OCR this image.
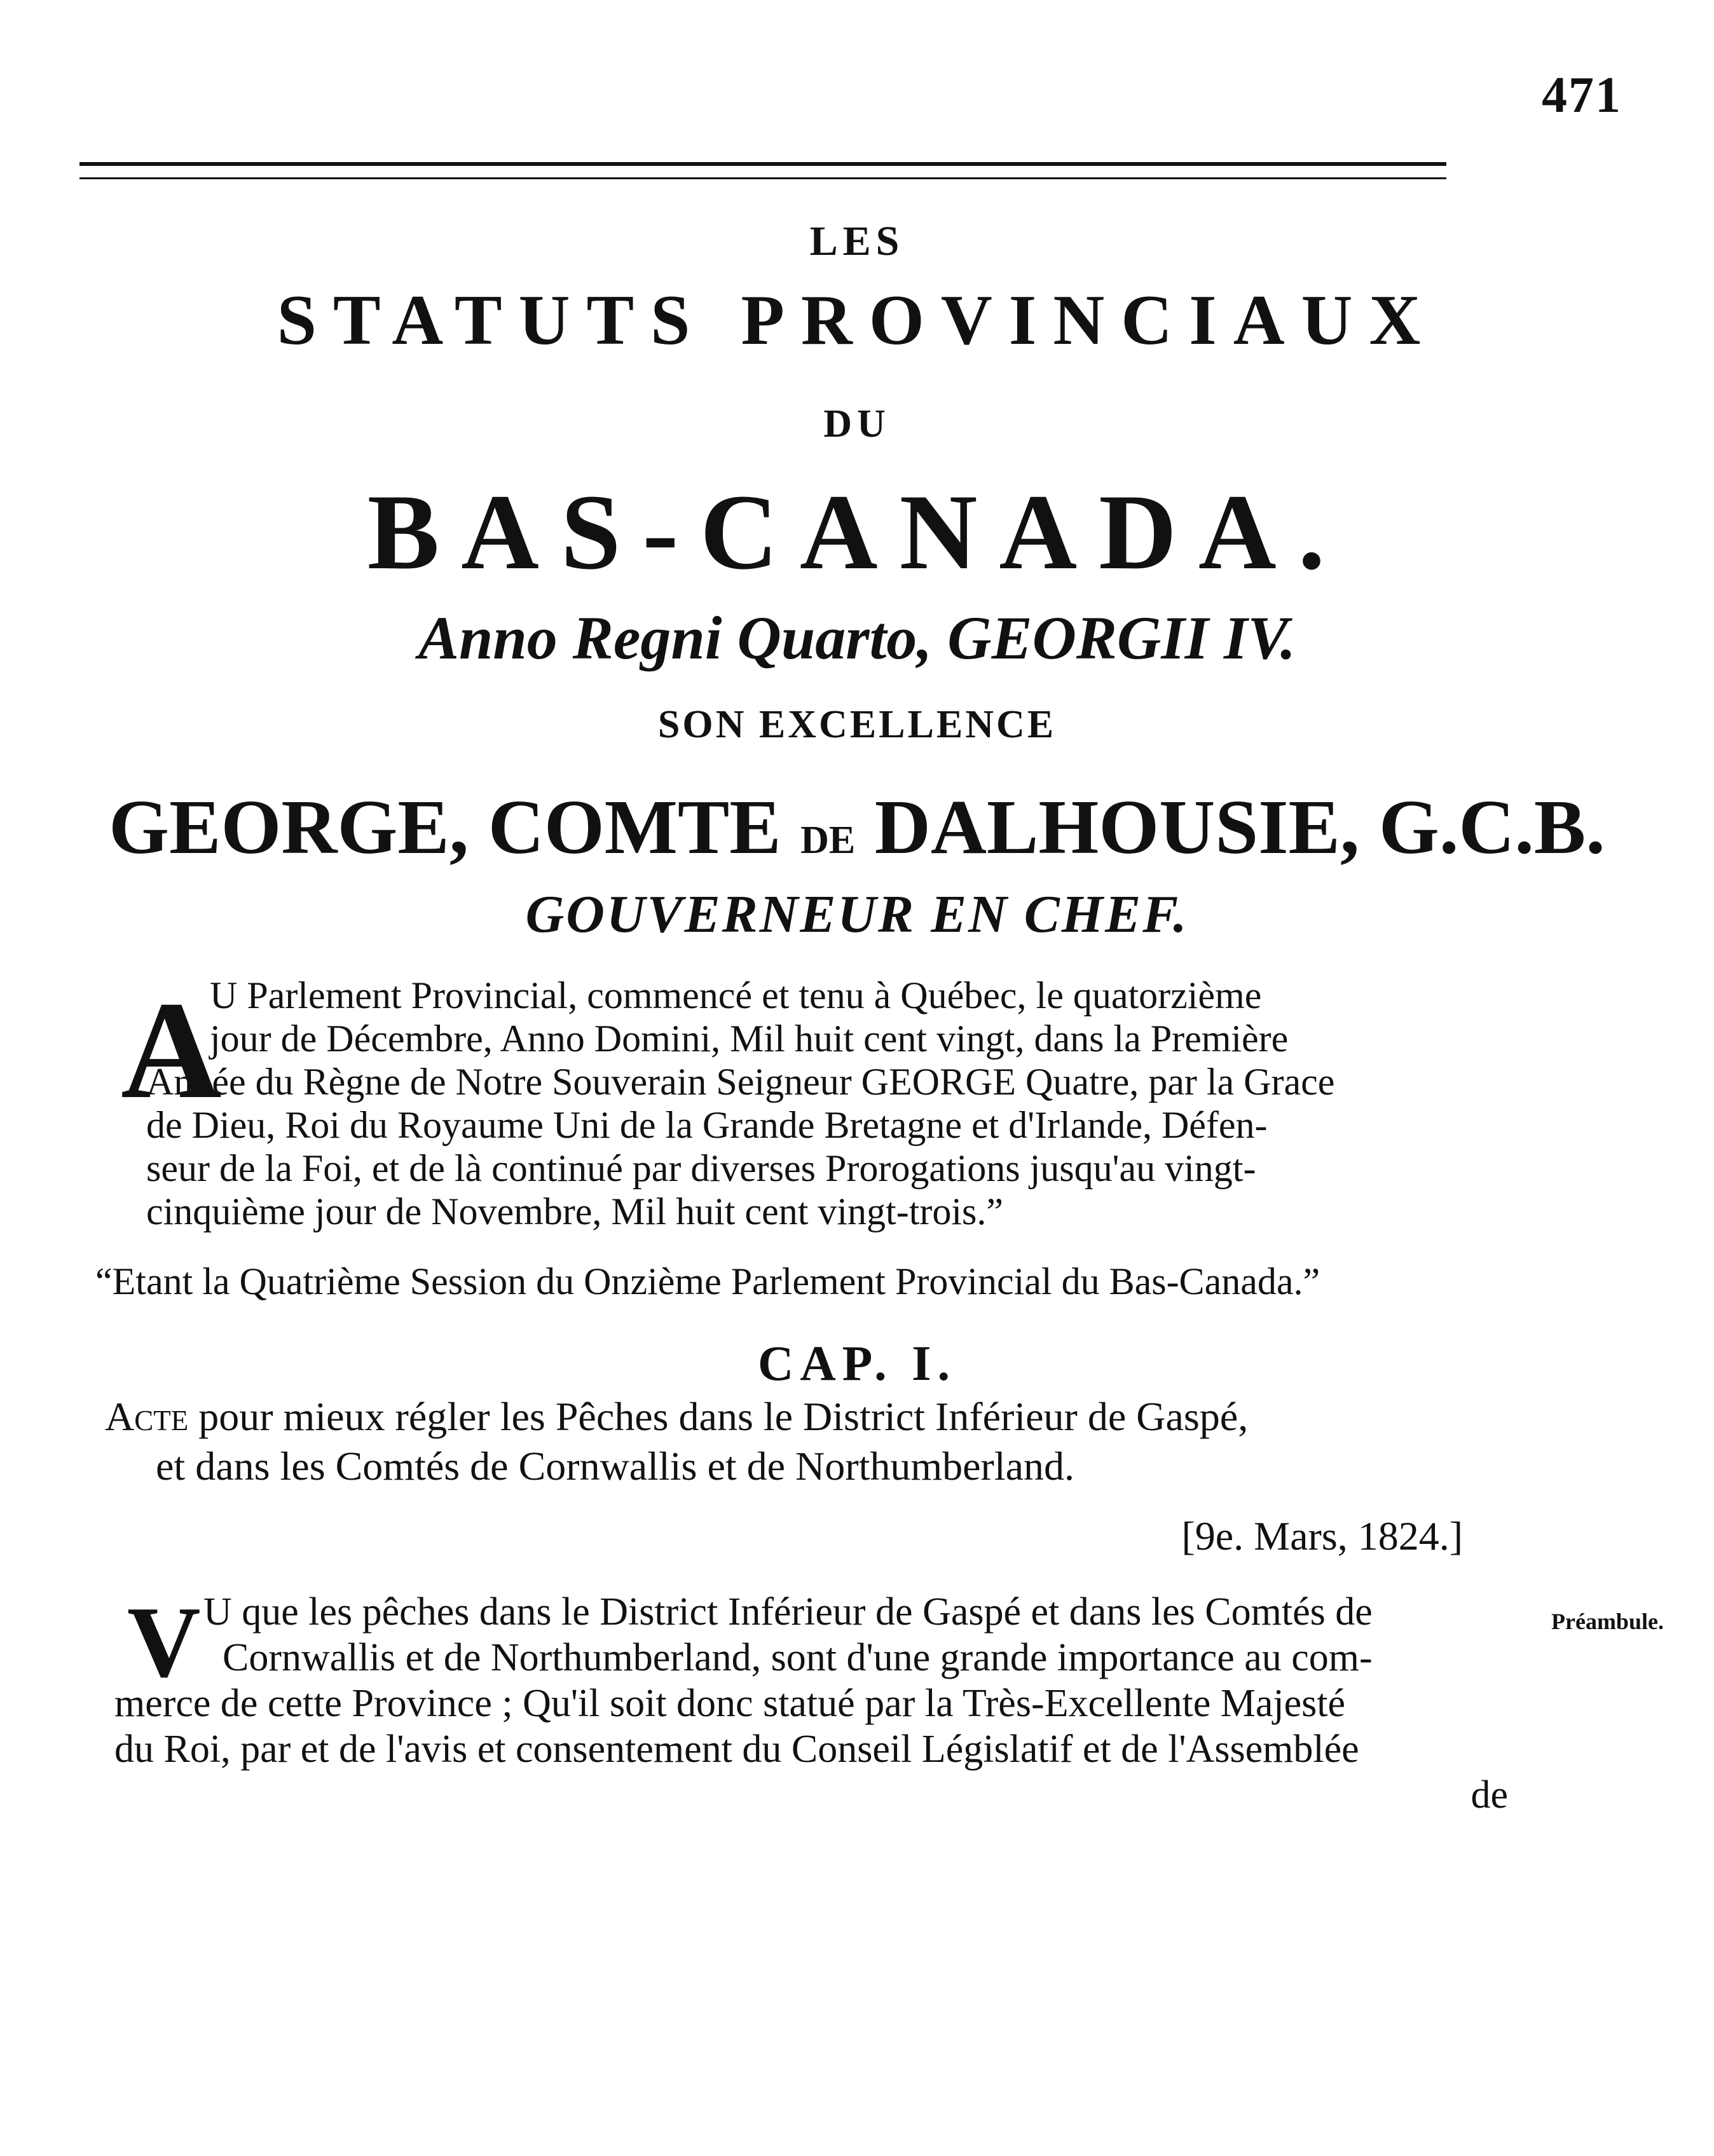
471
LES
STATUTS PROVINCIAUX
DU
BAS-CANADA.
Anno Regni Quarto, GEORGII IV.
SON EXCELLENCE
GEORGE, COMTE DE DALHOUSIE, G.C.B.
GOUVERNEUR EN CHEF.
A
U Parlement Provincial, commencé et tenu à Québec, le quatorzième
jour de Décembre, Anno Domini, Mil huit cent vingt, dans la Première
Année du Règne de Notre Souverain Seigneur GEORGE Quatre, par la Grace
de Dieu, Roi du Royaume Uni de la Grande Bretagne et d'Irlande, Défen-
seur de la Foi, et de là continué par diverses Prorogations jusqu'au vingt-
cinquième jour de Novembre, Mil huit cent vingt-trois.”
“Etant la Quatrième Session du Onzième Parlement Provincial du Bas-Canada.”
CAP. I.
Acte pour mieux régler les Pêches dans le District Inférieur de Gaspé,
et dans les Comtés de Cornwallis et de Northumberland.
[9e. Mars, 1824.]
V U que les pêches dans le District Inférieur de Gaspé et dans les Comtés de
Cornwallis et de Northumberland, sont d'une grande importance au com-
merce de cette Province ; Qu'il soit donc statué par la Très-Excellente Majesté
du Roi, par et de l'avis et consentement du Conseil Législatif et de l'Assemblée
de
Préambule.
